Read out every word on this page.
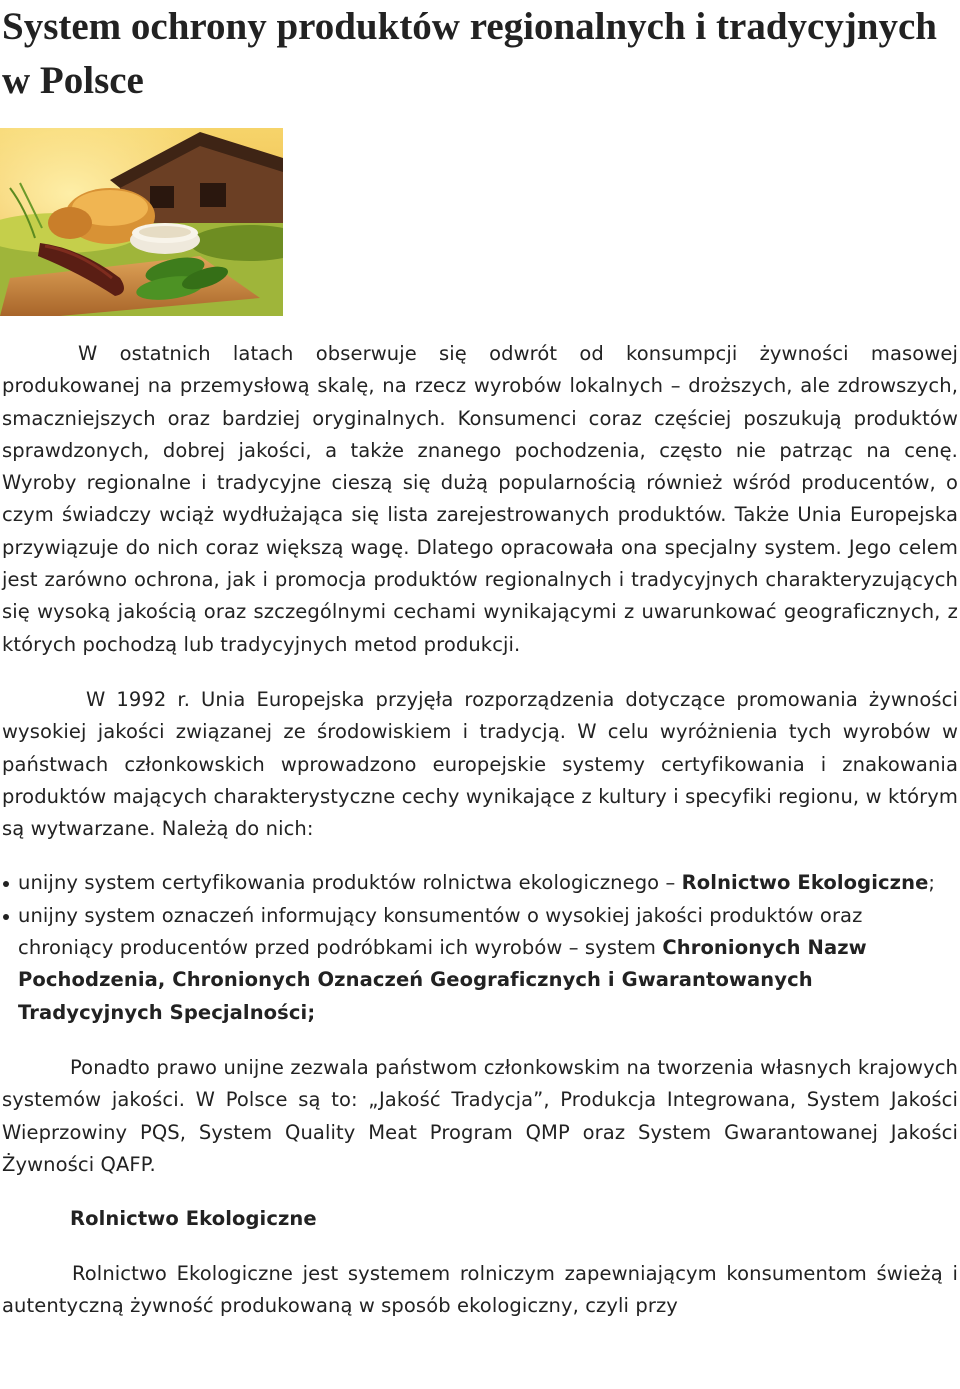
System ochrony produktów regionalnych i tradycyjnych w Polsce

W ostatnich latach obserwuje się odwrót od konsumpcji żywności masowej produkowanej na przemysłową skalę, na rzecz wyrobów lokalnych – droższych, ale zdrowszych, smaczniejszych oraz bardziej oryginalnych. Konsumenci coraz częściej poszukują produktów sprawdzonych, dobrej jakości, a także znanego pochodzenia, często nie patrząc na cenę. Wyroby regionalne i tradycyjne cieszą się dużą popularnością również wśród producentów, o czym świadczy wciąż wydłużająca się lista zarejestrowanych produktów. Także Unia Europejska przywiązuje do nich coraz większą wagę. Dlatego opracowała ona specjalny system. Jego celem jest zarówno ochrona, jak i promocja produktów regionalnych i tradycyjnych charakteryzujących się wysoką jakością oraz szczególnymi cechami wynikającymi z uwarunkować geograficznych, z których pochodzą lub tradycyjnych metod produkcji.

W 1992 r. Unia Europejska przyjęła rozporządzenia dotyczące promowania żywności wysokiej jakości związanej ze środowiskiem i tradycją. W celu wyróżnienia tych wyrobów w państwach członkowskich wprowadzono europejskie systemy certyfikowania i znakowania produktów mających charakterystyczne cechy wynikające z kultury i specyfiki regionu, w którym są wytwarzane. Należą do nich:

unijny system certyfikowania produktów rolnictwa ekologicznego – Rolnictwo Ekologiczne;
unijny system oznaczeń informujący konsumentów o wysokiej jakości produktów oraz chroniący producentów przed podróbkami ich wyrobów – system Chronionych Nazw Pochodzenia, Chronionych Oznaczeń Geograficznych i Gwarantowanych Tradycyjnych Specjalności;

Ponadto prawo unijne zezwala państwom członkowskim na tworzenia własnych krajowych systemów jakości. W Polsce są to: „Jakość Tradycja”, Produkcja Integrowana, System Jakości Wieprzowiny PQS, System Quality Meat Program QMP oraz System Gwarantowanej Jakości Żywności QAFP.

Rolnictwo Ekologiczne

Rolnictwo Ekologiczne jest systemem rolniczym zapewniającym konsumentom świeżą i autentyczną żywność produkowaną w sposób ekologiczny, czyli przy
